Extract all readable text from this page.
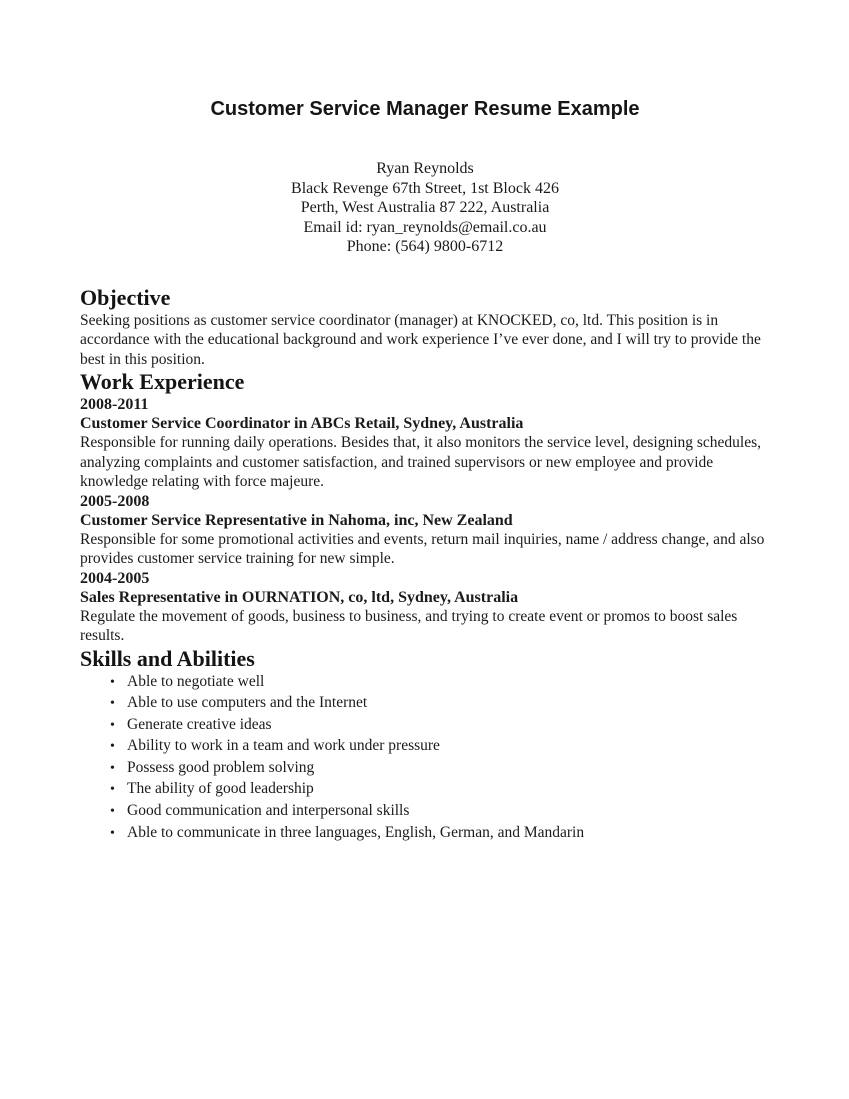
Customer Service Manager Resume Example
Ryan Reynolds
Black Revenge 67th Street, 1st Block 426
Perth, West Australia 87 222, Australia
Email id: ryan_reynolds@email.co.au
Phone: (564) 9800-6712
Objective

Seeking positions as customer service coordinator (manager) at KNOCKED, co, ltd. This position is in accordance with the educational background and work experience I’ve ever done, and I will try to provide the best in this position.

Work Experience
2008-2011
Customer Service Coordinator in ABCs Retail, Sydney, Australia

Responsible for running daily operations. Besides that, it also monitors the service level, designing schedules, analyzing complaints and customer satisfaction, and trained supervisors or new employee and provide knowledge relating with force majeure.

2005-2008
Customer Service Representative in Nahoma, inc, New Zealand

Responsible for some promotional activities and events, return mail inquiries, name / address change, and also provides customer service training for new simple.

2004-2005
Sales Representative in OURNATION, co, ltd, Sydney, Australia

Regulate the movement of goods, business to business, and trying to create event or promos to boost sales results.

Skills and Abilities
• Able to negotiate well
• Able to use computers and the Internet
• Generate creative ideas
• Ability to work in a team and work under pressure
• Possess good problem solving
• The ability of good leadership
• Good communication and interpersonal skills
• Able to communicate in three languages, English, German, and Mandarin
